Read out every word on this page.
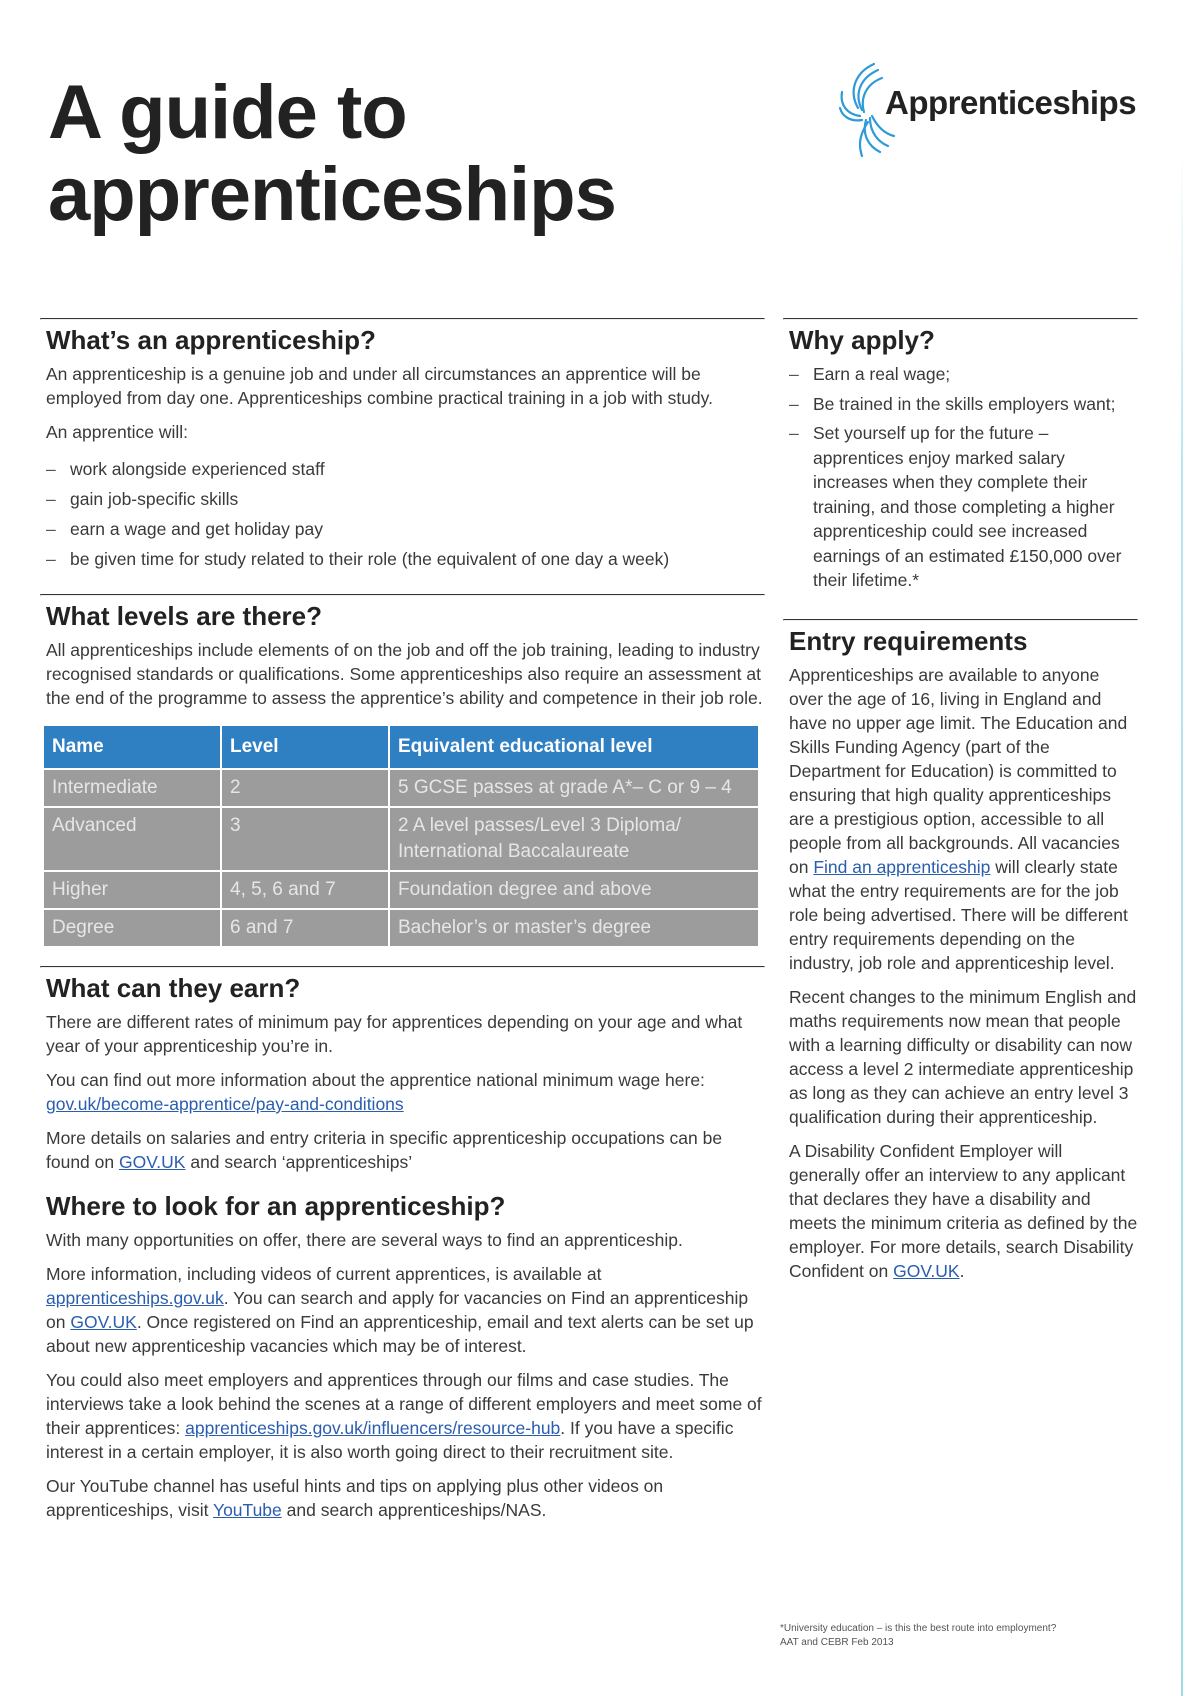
A guide to apprenticeships
Apprenticeships
What’s an apprenticeship?

An apprenticeship is a genuine job and under all circumstances an apprentice will be employed from day one. Apprenticeships combine practical training in a job with study.

An apprentice will:

– work alongside experienced staff
– gain job-specific skills
– earn a wage and get holiday pay
– be given time for study related to their role (the equivalent of one day a week)
What levels are there?

All apprenticeships include elements of on the job and off the job training, leading to industry recognised standards or qualifications. Some apprenticeships also require an assessment at the end of the programme to assess the apprentice’s ability and competence in their job role.

Name	Level	Equivalent educational level
Intermediate	2	5 GCSE passes at grade A*– C or 9 – 4
Advanced	3	2 A level passes/Level 3 Diploma/ International Baccalaureate
Higher	4, 5, 6 and 7	Foundation degree and above
Degree	6 and 7	Bachelor’s or master’s degree
What can they earn?

There are different rates of minimum pay for apprentices depending on your age and what year of your apprenticeship you’re in.

You can find out more information about the apprentice national minimum wage here: gov.uk/become-apprentice/pay-and-conditions

More details on salaries and entry criteria in specific apprenticeship occupations can be found on GOV.UK and search ‘apprenticeships’

Where to look for an apprenticeship?

With many opportunities on offer, there are several ways to find an apprenticeship.

More information, including videos of current apprentices, is available at apprenticeships.gov.uk. You can search and apply for vacancies on Find an apprenticeship on GOV.UK. Once registered on Find an apprenticeship, email and text alerts can be set up about new apprenticeship vacancies which may be of interest.

You could also meet employers and apprentices through our films and case studies. The interviews take a look behind the scenes at a range of different employers and meet some of their apprentices: apprenticeships.gov.uk/influencers/resource-hub. If you have a specific interest in a certain employer, it is also worth going direct to their recruitment site.

Our YouTube channel has useful hints and tips on applying plus other videos on apprenticeships, visit YouTube and search apprenticeships/NAS.

Why apply?
– Earn a real wage;
– Be trained in the skills employers want;
– Set yourself up for the future – apprentices enjoy marked salary increases when they complete their training, and those completing a higher apprenticeship could see increased earnings of an estimated £150,000 over their lifetime.*
Entry requirements

Apprenticeships are available to anyone over the age of 16, living in England and have no upper age limit. The Education and Skills Funding Agency (part of the Department for Education) is committed to ensuring that high quality apprenticeships are a prestigious option, accessible to all people from all backgrounds. All vacancies on Find an apprenticeship will clearly state what the entry requirements are for the job role being advertised. There will be different entry requirements depending on the industry, job role and apprenticeship level.

Recent changes to the minimum English and maths requirements now mean that people with a learning difficulty or disability can now access a level 2 intermediate apprenticeship as long as they can achieve an entry level 3 qualification during their apprenticeship.

A Disability Confident Employer will generally offer an interview to any applicant that declares they have a disability and meets the minimum criteria as defined by the employer. For more details, search Disability Confident on GOV.UK.

*University education – is this the best route into employment?
AAT and CEBR Feb 2013
